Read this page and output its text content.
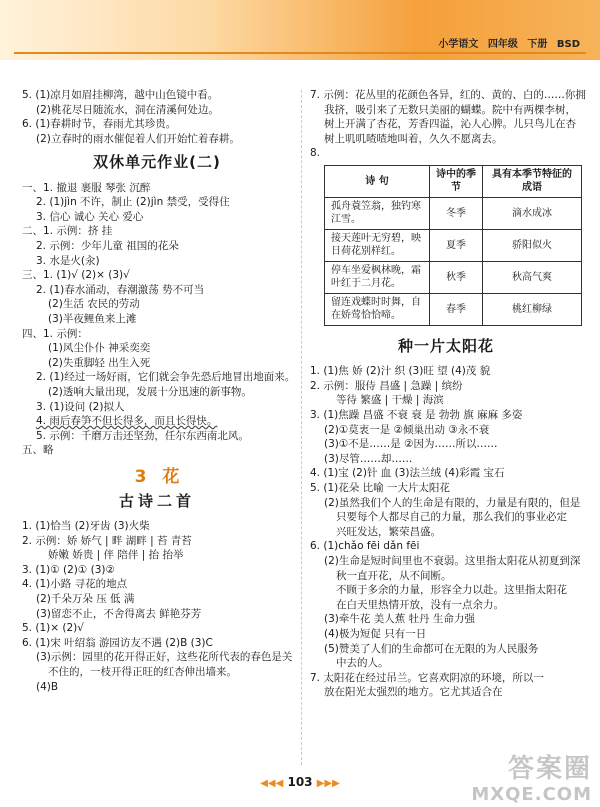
小学语文 四年级 下册 BSD
5. (1)凉月如眉挂柳湾，越中山色镜中看。
(2)桃花尽日随流水，洞在清溪何处边。
6. (1)春耕时节，春雨尤其珍贵。
(2)立春时的雨水催促着人们开始忙着春耕。
双休单元作业(二)
一、1. 撤退 裹服 琴张 沉醉
2. (1)jìn 不许，制止 (2)jìn 禁受，受得住
3. 信心 诚心 关心 爱心
二、1. 示例：挤 挂
2. 示例：少年儿童 祖国的花朵
3. 水是火(汆)
三、1. (1)√ (2)× (3)√
2. (1)春水涌动，春潮激荡 势不可当
(2)生活 农民的劳动
(3)半夜鲤鱼来上滩
四、1. 示例：
(1)风尘仆仆 神采奕奕
(2)失重脚轻 出生入死
2. (1)经过一场好雨，它们就会争先恐后地冒出地面来。
(2)透响大量出现，发展十分迅速的新事物。
3. (1)设问 (2)拟人
4. 雨后春笋不但长得多，而且长得快。
5. 示例：千磨万击还坚劲，任尔东西南北风。
五、略
3 花
古诗二首
1. (1)恰当 (2)牙齿 (3)火柴
2. 示例：娇 娇气 | 畔 湖畔 | 苔 青苔
娇嫩 娇贵 | 伴 陪伴 | 抬 抬举
3. (1)① (2)① (3)②
4. (1)小路 寻花的地点
(2)千朵万朵 压 低 满
(3)留恋不止，不舍得离去 鲜艳芬芳
5. (1)× (2)√
6. (1)宋 叶绍翁 游园访友不遇 (2)B (3)C
(3)示例：园里的花开得正好，这些花所代表的春色是关
不住的，一枝开得正旺的红杏伸出墙来。
(4)B
7. 示例：花丛里的花颜色各异，红的、黄的、白的……你拥
我挤，吸引来了无数只美丽的蝴蝶。院中有两棵李树，
树上开满了杏花，芳香四溢，沁人心脾。儿只鸟儿在杏
树上叽叽喳喳地叫着，久久不愿离去。
8.
诗 句	诗中的季节	具有本季节特征的成语
孤舟蓑笠翁，独钓寒江雪。	冬季	滴水成冰
接天莲叶无穷碧，映日荷花别样红。	夏季	骄阳似火
停车坐爱枫林晚，霜叶红于二月花。	秋季	秋高气爽
留连戏蝶时时舞，自在娇莺恰恰啼。	春季	桃红柳绿
种一片太阳花
1. (1)焦 娇 (2)汁 织 (3)旺 望 (4)茂 貌
2. 示例：服侍 昌盛 | 急躁 | 缤纷
等待 繁盛 | 干燥 | 海滨
3. (1)焦躁 昌盛 不衰 衰 是 勃勃 旗 麻麻 多姿
(2)①莫衷一是 ②倾巢出动 ③永不衰
(3)①不是……是 ②因为……所以……
(3)尽管……却……
4. (1)宝 (2)针 血 (3)法兰绒 (4)彩霞 宝石
5. (1)花朵 比喻 一大片太阳花
(2)虽然我们个人的生命是有限的，力量是有限的，但是
只要每个人都尽自己的力量，那么我们的事业必定
兴旺发达，繁荣昌盛。
6. (1)chǎo fēi dǎn fēi
(2)生命是短时间里也不衰弱。这里指太阳花从初夏到深
秋一直开花，从不间断。
不顾于多余的力量，形容全力以赴。这里指太阳花
在白天里热情开放，没有一点余力。
(3)牵牛花 美人蕉 牡丹 生命力强
(4)极为短促 只有一日
(5)赞美了人们的生命都可在无限的为人民服务
中去的人。
7. 太阳花在经过吊兰。它喜欢阴凉的环境，所以一
放在阳光太强烈的地方。它尤其适合在
◀◀◀ 103 ▶▶▶	答案圈
MXQE.COM
